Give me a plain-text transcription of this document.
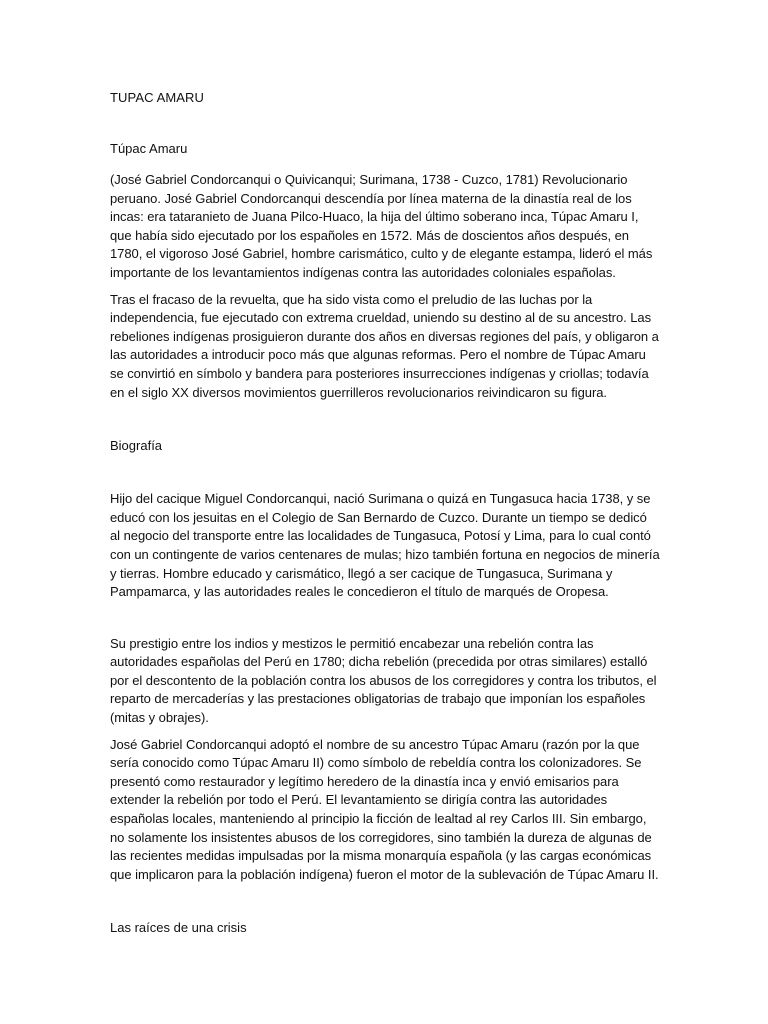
TUPAC AMARU
Túpac Amaru

(José Gabriel Condorcanqui o Quivicanqui; Surimana, 1738 - Cuzco, 1781) Revolucionario peruano. José Gabriel Condorcanqui descendía por línea materna de la dinastía real de los incas: era tataranieto de Juana Pilco-Huaco, la hija del último soberano inca, Túpac Amaru I, que había sido ejecutado por los españoles en 1572. Más de doscientos años después, en 1780, el vigoroso José Gabriel, hombre carismático, culto y de elegante estampa, lideró el más importante de los levantamientos indígenas contra las autoridades coloniales españolas.

Tras el fracaso de la revuelta, que ha sido vista como el preludio de las luchas por la independencia, fue ejecutado con extrema crueldad, uniendo su destino al de su ancestro. Las rebeliones indígenas prosiguieron durante dos años en diversas regiones del país, y obligaron a las autoridades a introducir poco más que algunas reformas. Pero el nombre de Túpac Amaru se convirtió en símbolo y bandera para posteriores insurrecciones indígenas y criollas; todavía en el siglo XX diversos movimientos guerrilleros revolucionarios reivindicaron su figura.

Biografía

Hijo del cacique Miguel Condorcanqui, nació Surimana o quizá en Tungasuca hacia 1738, y se educó con los jesuitas en el Colegio de San Bernardo de Cuzco. Durante un tiempo se dedicó al negocio del transporte entre las localidades de Tungasuca, Potosí y Lima, para lo cual contó con un contingente de varios centenares de mulas; hizo también fortuna en negocios de minería y tierras. Hombre educado y carismático, llegó a ser cacique de Tungasuca, Surimana y Pampamarca, y las autoridades reales le concedieron el título de marqués de Oropesa.

Su prestigio entre los indios y mestizos le permitió encabezar una rebelión contra las autoridades españolas del Perú en 1780; dicha rebelión (precedida por otras similares) estalló por el descontento de la población contra los abusos de los corregidores y contra los tributos, el reparto de mercaderías y las prestaciones obligatorias de trabajo que imponían los españoles (mitas y obrajes).

José Gabriel Condorcanqui adoptó el nombre de su ancestro Túpac Amaru (razón por la que sería conocido como Túpac Amaru II) como símbolo de rebeldía contra los colonizadores. Se presentó como restaurador y legítimo heredero de la dinastía inca y envió emisarios para extender la rebelión por todo el Perú. El levantamiento se dirigía contra las autoridades españolas locales, manteniendo al principio la ficción de lealtad al rey Carlos III. Sin embargo, no solamente los insistentes abusos de los corregidores, sino también la dureza de algunas de las recientes medidas impulsadas por la misma monarquía española (y las cargas económicas que implicaron para la población indígena) fueron el motor de la sublevación de Túpac Amaru II.

Las raíces de una crisis
